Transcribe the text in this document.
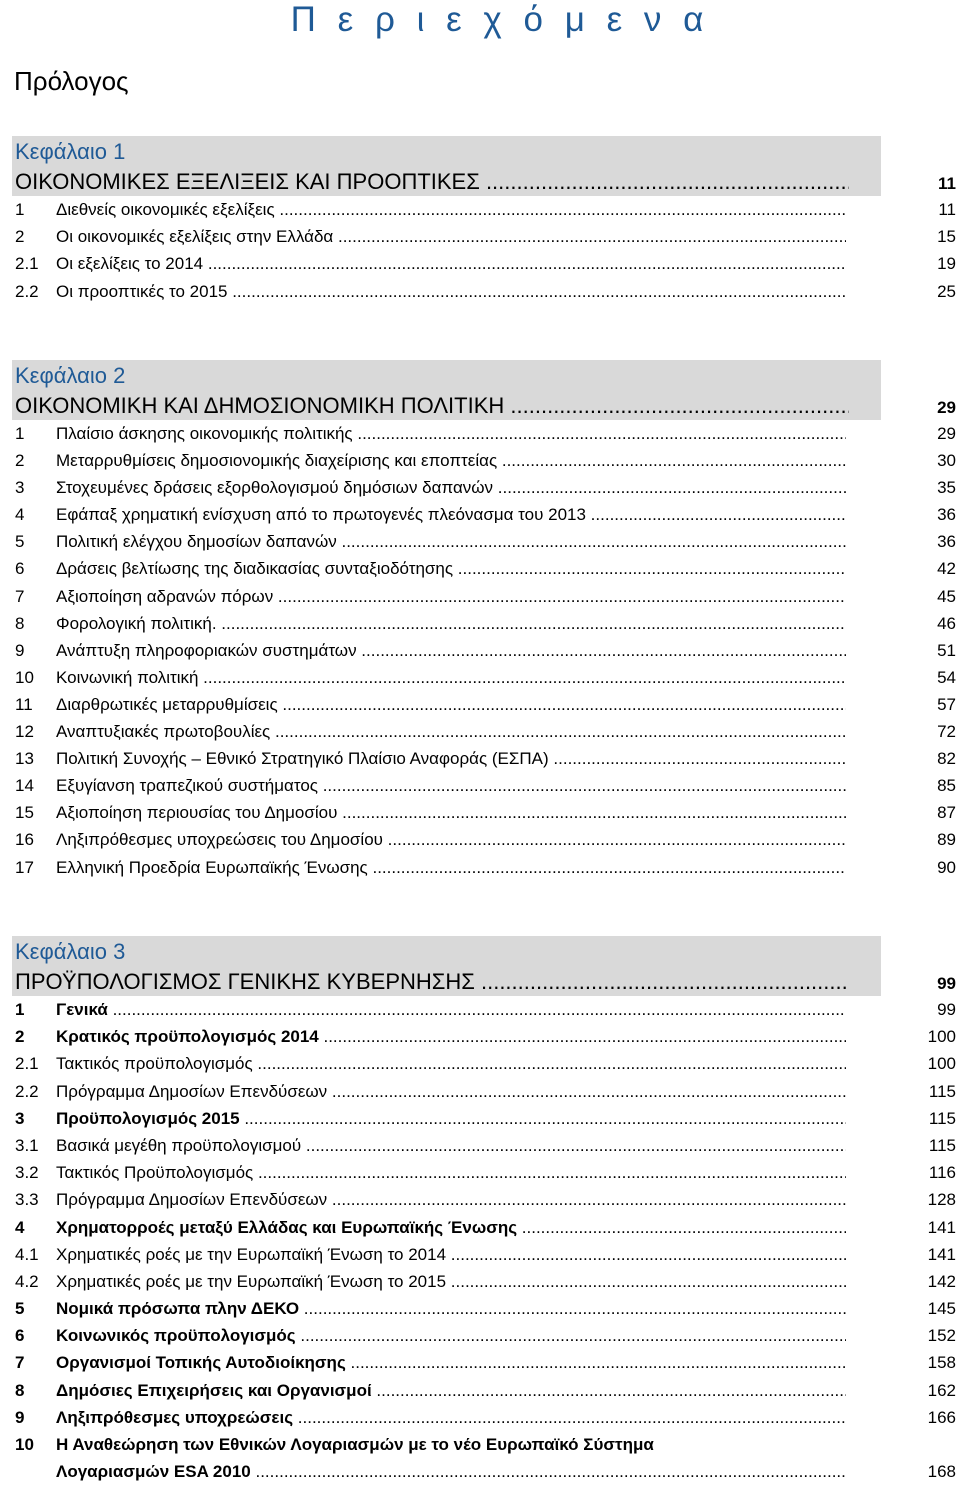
Π ε ρ ι ε χ ό μ ε ν α
Πρόλογος
Κεφάλαιο 1
ΟΙΚΟΝΟΜΙΚΕΣ ΕΞΕΛΙΞΕΙΣ ΚΑΙ ΠΡΟΟΠΤΙΚΕΣ .....	11
1	Διεθνείς οικονομικές εξελίξεις .....	11
2	Οι οικονομικές εξελίξεις στην Ελλάδα .....	15
2.1	Οι εξελίξεις το 2014 .....	19
2.2	Οι προοπτικές το 2015 .....	25
Κεφάλαιο 2
ΟΙΚΟΝΟΜΙΚΗ ΚΑΙ ΔΗΜΟΣΙΟΝΟΜΙΚΗ ΠΟΛΙΤΙΚΗ .....	29
1	Πλαίσιο άσκησης οικονομικής πολιτικής .....	29
2	Μεταρρυθμίσεις δημοσιονομικής διαχείρισης και εποπτείας .....	30
3	Στοχευμένες δράσεις εξορθολογισμού δημόσιων δαπανών .....	35
4	Εφάπαξ χρηματική ενίσχυση από το πρωτογενές πλεόνασμα του 2013 .....	36
5	Πολιτική ελέγχου δημοσίων δαπανών .....	36
6	Δράσεις βελτίωσης της διαδικασίας συνταξιοδότησης .....	42
7	Αξιοποίηση αδρανών πόρων .....	45
8	Φορολογική πολιτική. .....	46
9	Ανάπτυξη πληροφοριακών συστημάτων .....	51
10	Κοινωνική πολιτική .....	54
11	Διαρθρωτικές μεταρρυθμίσεις .....	57
12	Αναπτυξιακές πρωτοβουλίες .....	72
13	Πολιτική Συνοχής – Εθνικό Στρατηγικό Πλαίσιο Αναφοράς (ΕΣΠΑ) .....	82
14	Εξυγίανση τραπεζικού συστήματος .....	85
15	Αξιοποίηση περιουσίας του Δημοσίου .....	87
16	Ληξιπρόθεσμες υποχρεώσεις του Δημοσίου .....	89
17	Ελληνική Προεδρία Ευρωπαϊκής Ένωσης .....	90
Κεφάλαιο 3
ΠΡΟΫΠΟΛΟΓΙΣΜΟΣ ΓΕΝΙΚΗΣ ΚΥΒΕΡΝΗΣΗΣ .....	99
1	Γενικά .....	99
2	Κρατικός προϋπολογισμός 2014 .....	100
2.1	Τακτικός προϋπολογισμός .....	100
2.2	Πρόγραμμα Δημοσίων Επενδύσεων .....	115
3	Προϋπολογισμός 2015 .....	115
3.1	Βασικά μεγέθη προϋπολογισμού .....	115
3.2	Τακτικός Προϋπολογισμός .....	116
3.3	Πρόγραμμα Δημοσίων Επενδύσεων .....	128
4	Χρηματορροές μεταξύ Ελλάδας και Ευρωπαϊκής Ένωσης .....	141
4.1	Χρηματικές ροές με την Ευρωπαϊκή Ένωση το 2014 .....	141
4.2	Χρηματικές ροές με την Ευρωπαϊκή Ένωση το 2015 .....	142
5	Νομικά πρόσωπα πλην ΔΕΚΟ .....	145
6	Κοινωνικός προϋπολογισμός .....	152
7	Οργανισμοί Τοπικής Αυτοδιοίκησης .....	158
8	Δημόσιες Επιχειρήσεις και Οργανισμοί .....	162
9	Ληξιπρόθεσμες υποχρεώσεις .....	166
10	Η Αναθεώρηση των Εθνικών Λογαριασμών με το νέο Ευρωπαϊκό Σύστημα
Λογαριασμών ESA 2010 .....	168
